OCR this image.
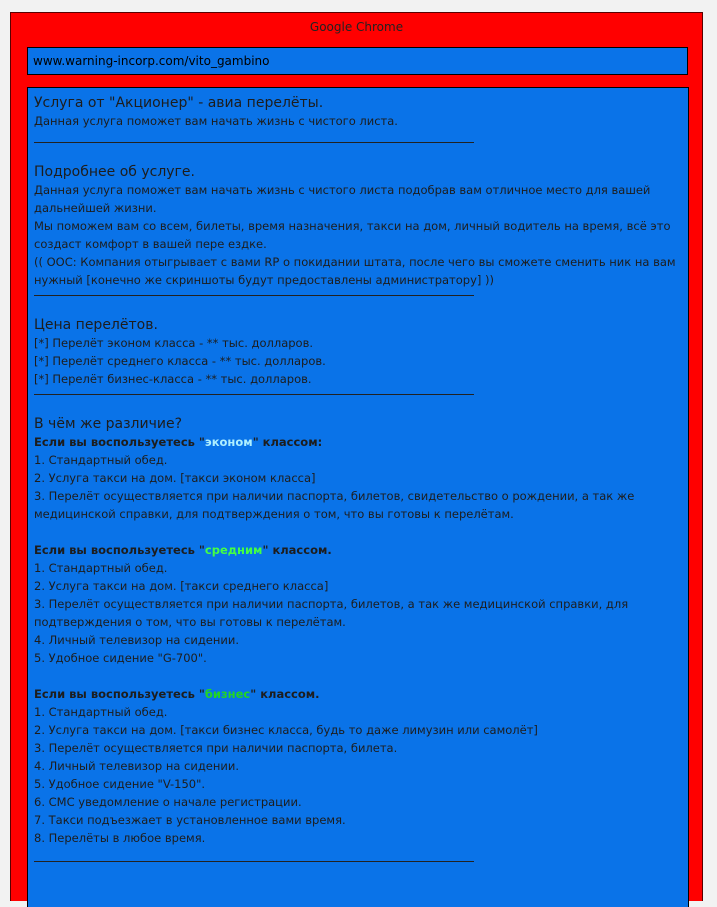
Google Chrome
www.warning-incorp.com/vito_gambino

Услуга от "Акционер" - авиа перелёты.

Данная услуга поможет вам начать жизнь с чистого листа.

Подробнее об услуге.

Данная услуга поможет вам начать жизнь с чистого листа подобрав вам отличное место для вашей

дальнейшей жизни.

Мы поможем вам со всем, билеты, время назначения, такси на дом, личный водитель на время, всё это

создаст комфорт в вашей пере ездке.

(( OOC: Компания отыгрывает с вами RP о покидании штата, после чего вы сможете сменить ник на вам

нужный [конечно же скриншоты будут предоставлены администратору] ))

Цена перелётов.

[*] Перелёт эконом класса - ** тыс. долларов.

[*] Перелёт среднего класса - ** тыс. долларов.

[*] Перелёт бизнес-класса - ** тыс. долларов.

В чём же различие?

Если вы воспользуетесь "эконом" классом:

1. Стандартный обед.

2. Услуга такси на дом. [такси эконом класса]

3. Перелёт осуществляется при наличии паспорта, билетов, свидетельство о рождении, а так же

медицинской справки, для подтверждения о том, что вы готовы к перелётам.

Если вы воспользуетесь "средним" классом.

1. Стандартный обед.

2. Услуга такси на дом. [такси среднего класса]

3. Перелёт осуществляется при наличии паспорта, билетов, а так же медицинской справки, для

подтверждения о том, что вы готовы к перелётам.

4. Личный телевизор на сидении.

5. Удобное сидение "G-700".

Если вы воспользуетесь "бизнес" классом.

1. Стандартный обед.

2. Услуга такси на дом. [такси бизнес класса, будь то даже лимузин или самолёт]

3. Перелёт осуществляется при наличии паспорта, билета.

4. Личный телевизор на сидении.

5. Удобное сидение "V-150".

6. СМС уведомление о начале регистрации.

7. Такси подъезжает в установленное вами время.

8. Перелёты в любое время.
